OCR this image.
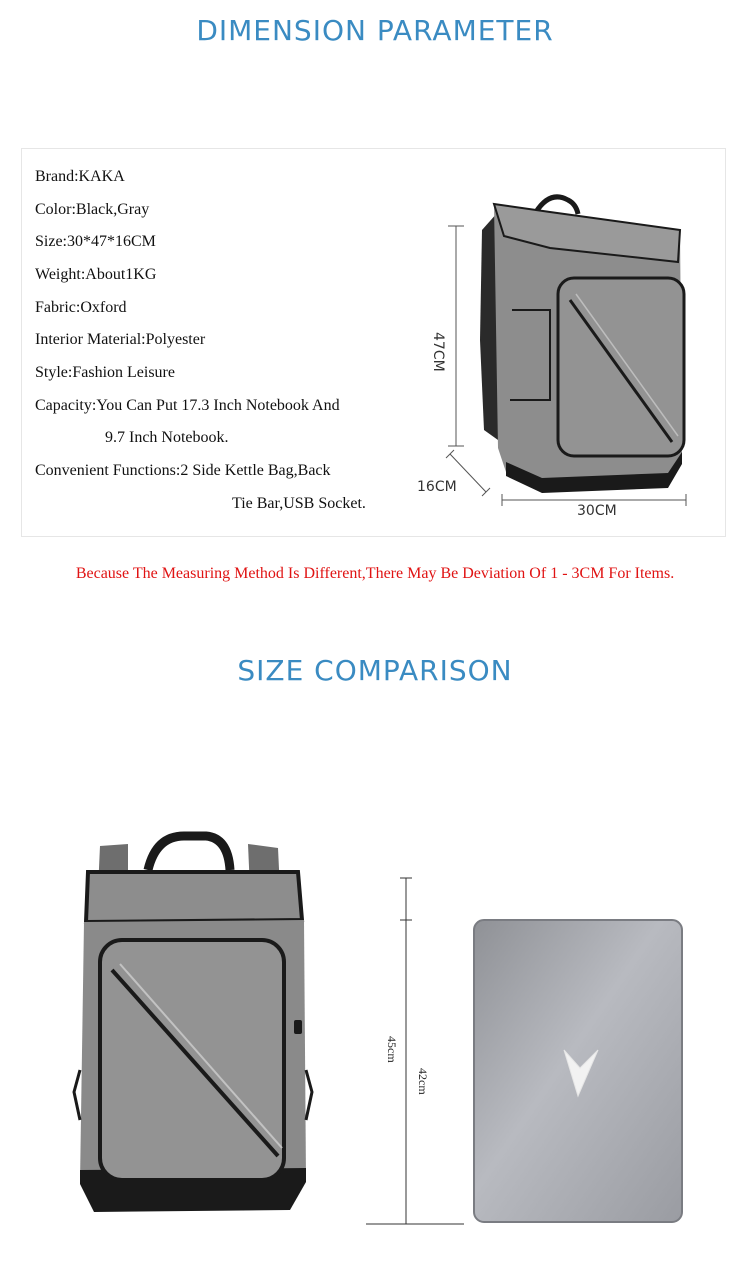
DIMENSION PARAMETER
Brand:KAKA
Color:Black,Gray
Size:30*47*16CM
Weight:About1KG
Fabric:Oxford
Interior Material:Polyester
Style:Fashion Leisure
Capacity:You Can Put 17.3 Inch Notebook And
9.7 Inch Notebook.
Convenient Functions:2 Side Kettle Bag,Back
Tie Bar,USB Socket.
47CM
16CM
30CM
Because The Measuring Method Is Different,There May Be Deviation Of 1 - 3CM For Items.
SIZE COMPARISON
45cm
42cm
